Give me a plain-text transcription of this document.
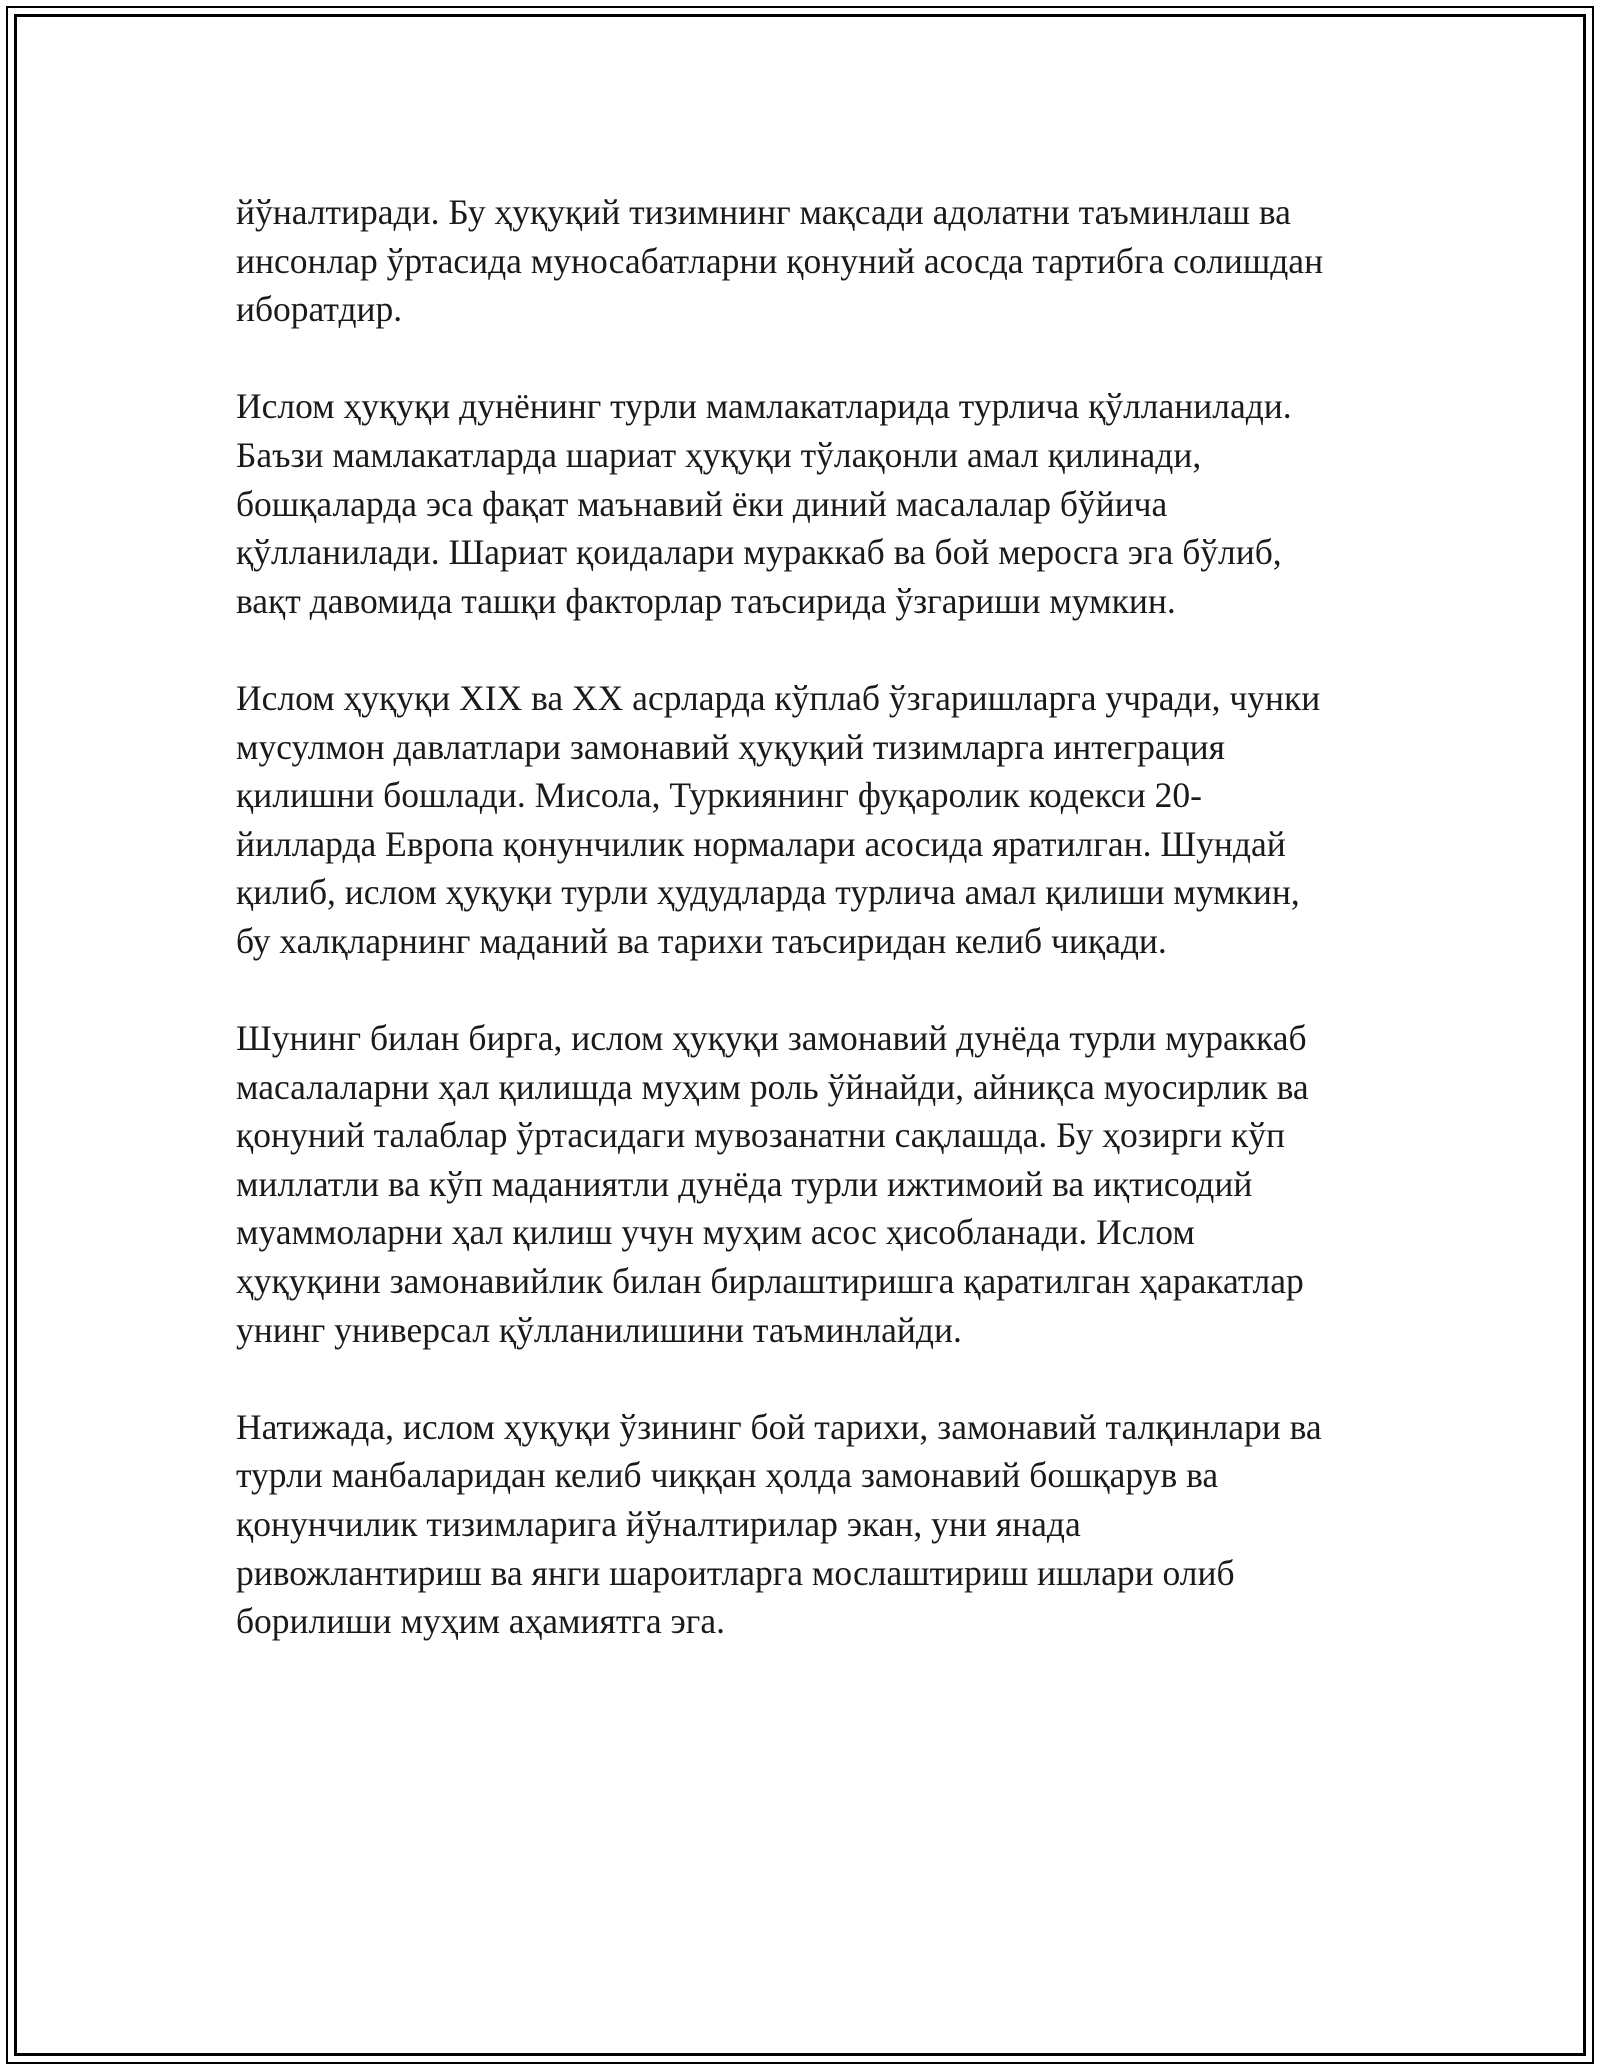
йўналтиради. Бу ҳуқуқий тизимнинг мақсади адолатни таъминлаш ва
инсонлар ўртасида муносабатларни қонуний асосда тартибга солишдан
иборатдир.

Ислом ҳуқуқи дунёнинг турли мамлакатларида турлича қўлланилади.
Баъзи мамлакатларда шариат ҳуқуқи тўлақонли амал қилинади,
бошқаларда эса фақат маънавий ёки диний масалалар бўйича
қўлланилади. Шариат қоидалари мураккаб ва бой меросга эга бўлиб,
вақт давомида ташқи факторлар таъсирида ўзгариши мумкин.

Ислом ҳуқуқи XIX ва XX асрларда кўплаб ўзгаришларга учради, чунки
мусулмон давлатлари замонавий ҳуқуқий тизимларга интеграция
қилишни бошлади. Мисола, Туркиянинг фуқаролик кодекси 20-
йилларда Европа қонунчилик нормалари асосида яратилган. Шундай
қилиб, ислом ҳуқуқи турли ҳудудларда турлича амал қилиши мумкин,
бу халқларнинг маданий ва тарихи таъсиридан келиб чиқади.

Шунинг билан бирга, ислом ҳуқуқи замонавий дунёда турли мураккаб
масалаларни ҳал қилишда муҳим роль ўйнайди, айниқса муосирлик ва
қонуний талаблар ўртасидаги мувозанатни сақлашда. Бу ҳозирги кўп
миллатли ва кўп маданиятли дунёда турли ижтимоий ва иқтисодий
муаммоларни ҳал қилиш учун муҳим асос ҳисобланади. Ислом
ҳуқуқини замонавийлик билан бирлаштиришга қаратилган ҳаракатлар
унинг универсал қўлланилишини таъминлайди.

Натижада, ислом ҳуқуқи ўзининг бой тарихи, замонавий талқинлари ва
турли манбаларидан келиб чиққан ҳолда замонавий бошқарув ва
қонунчилик тизимларига йўналтирилар экан, уни янада
ривожлантириш ва янги шароитларга мослаштириш ишлари олиб
борилиши муҳим аҳамиятга эга.
